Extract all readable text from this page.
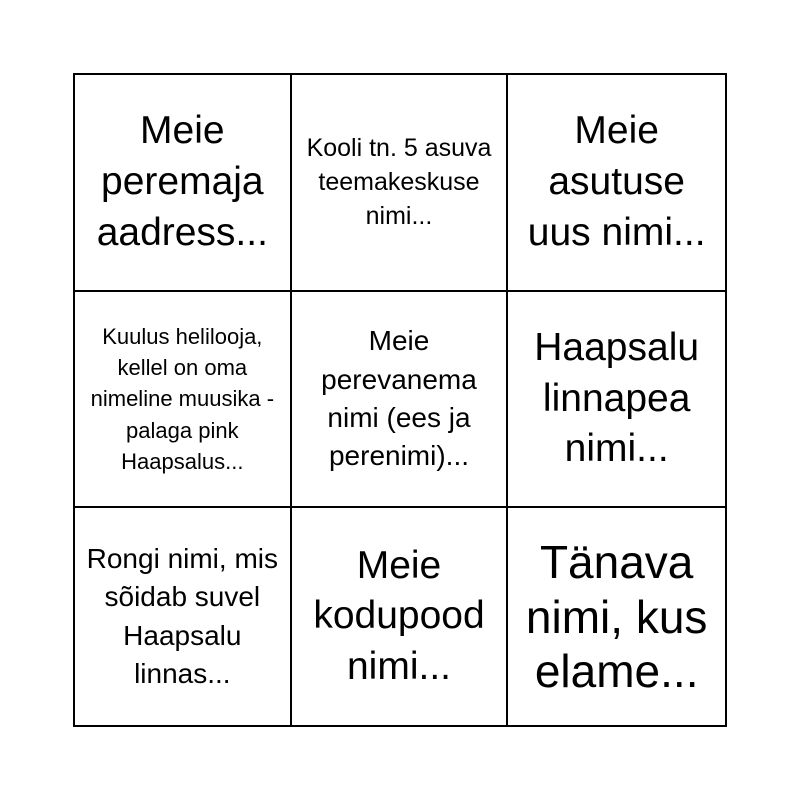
Meie peremaja aadress...
Kooli tn. 5 asuva teemakeskuse nimi...
Meie asutuse uus nimi...
Kuulus helilooja, kellel on oma nimeline muusika -palaga pink Haapsalus...
Meie perevanema nimi (ees ja perenimi)...
Haapsalu linnapea nimi...
Rongi nimi, mis sõidab suvel Haapsalu linnas...
Meie kodupood nimi...
Tänava nimi, kus elame...
